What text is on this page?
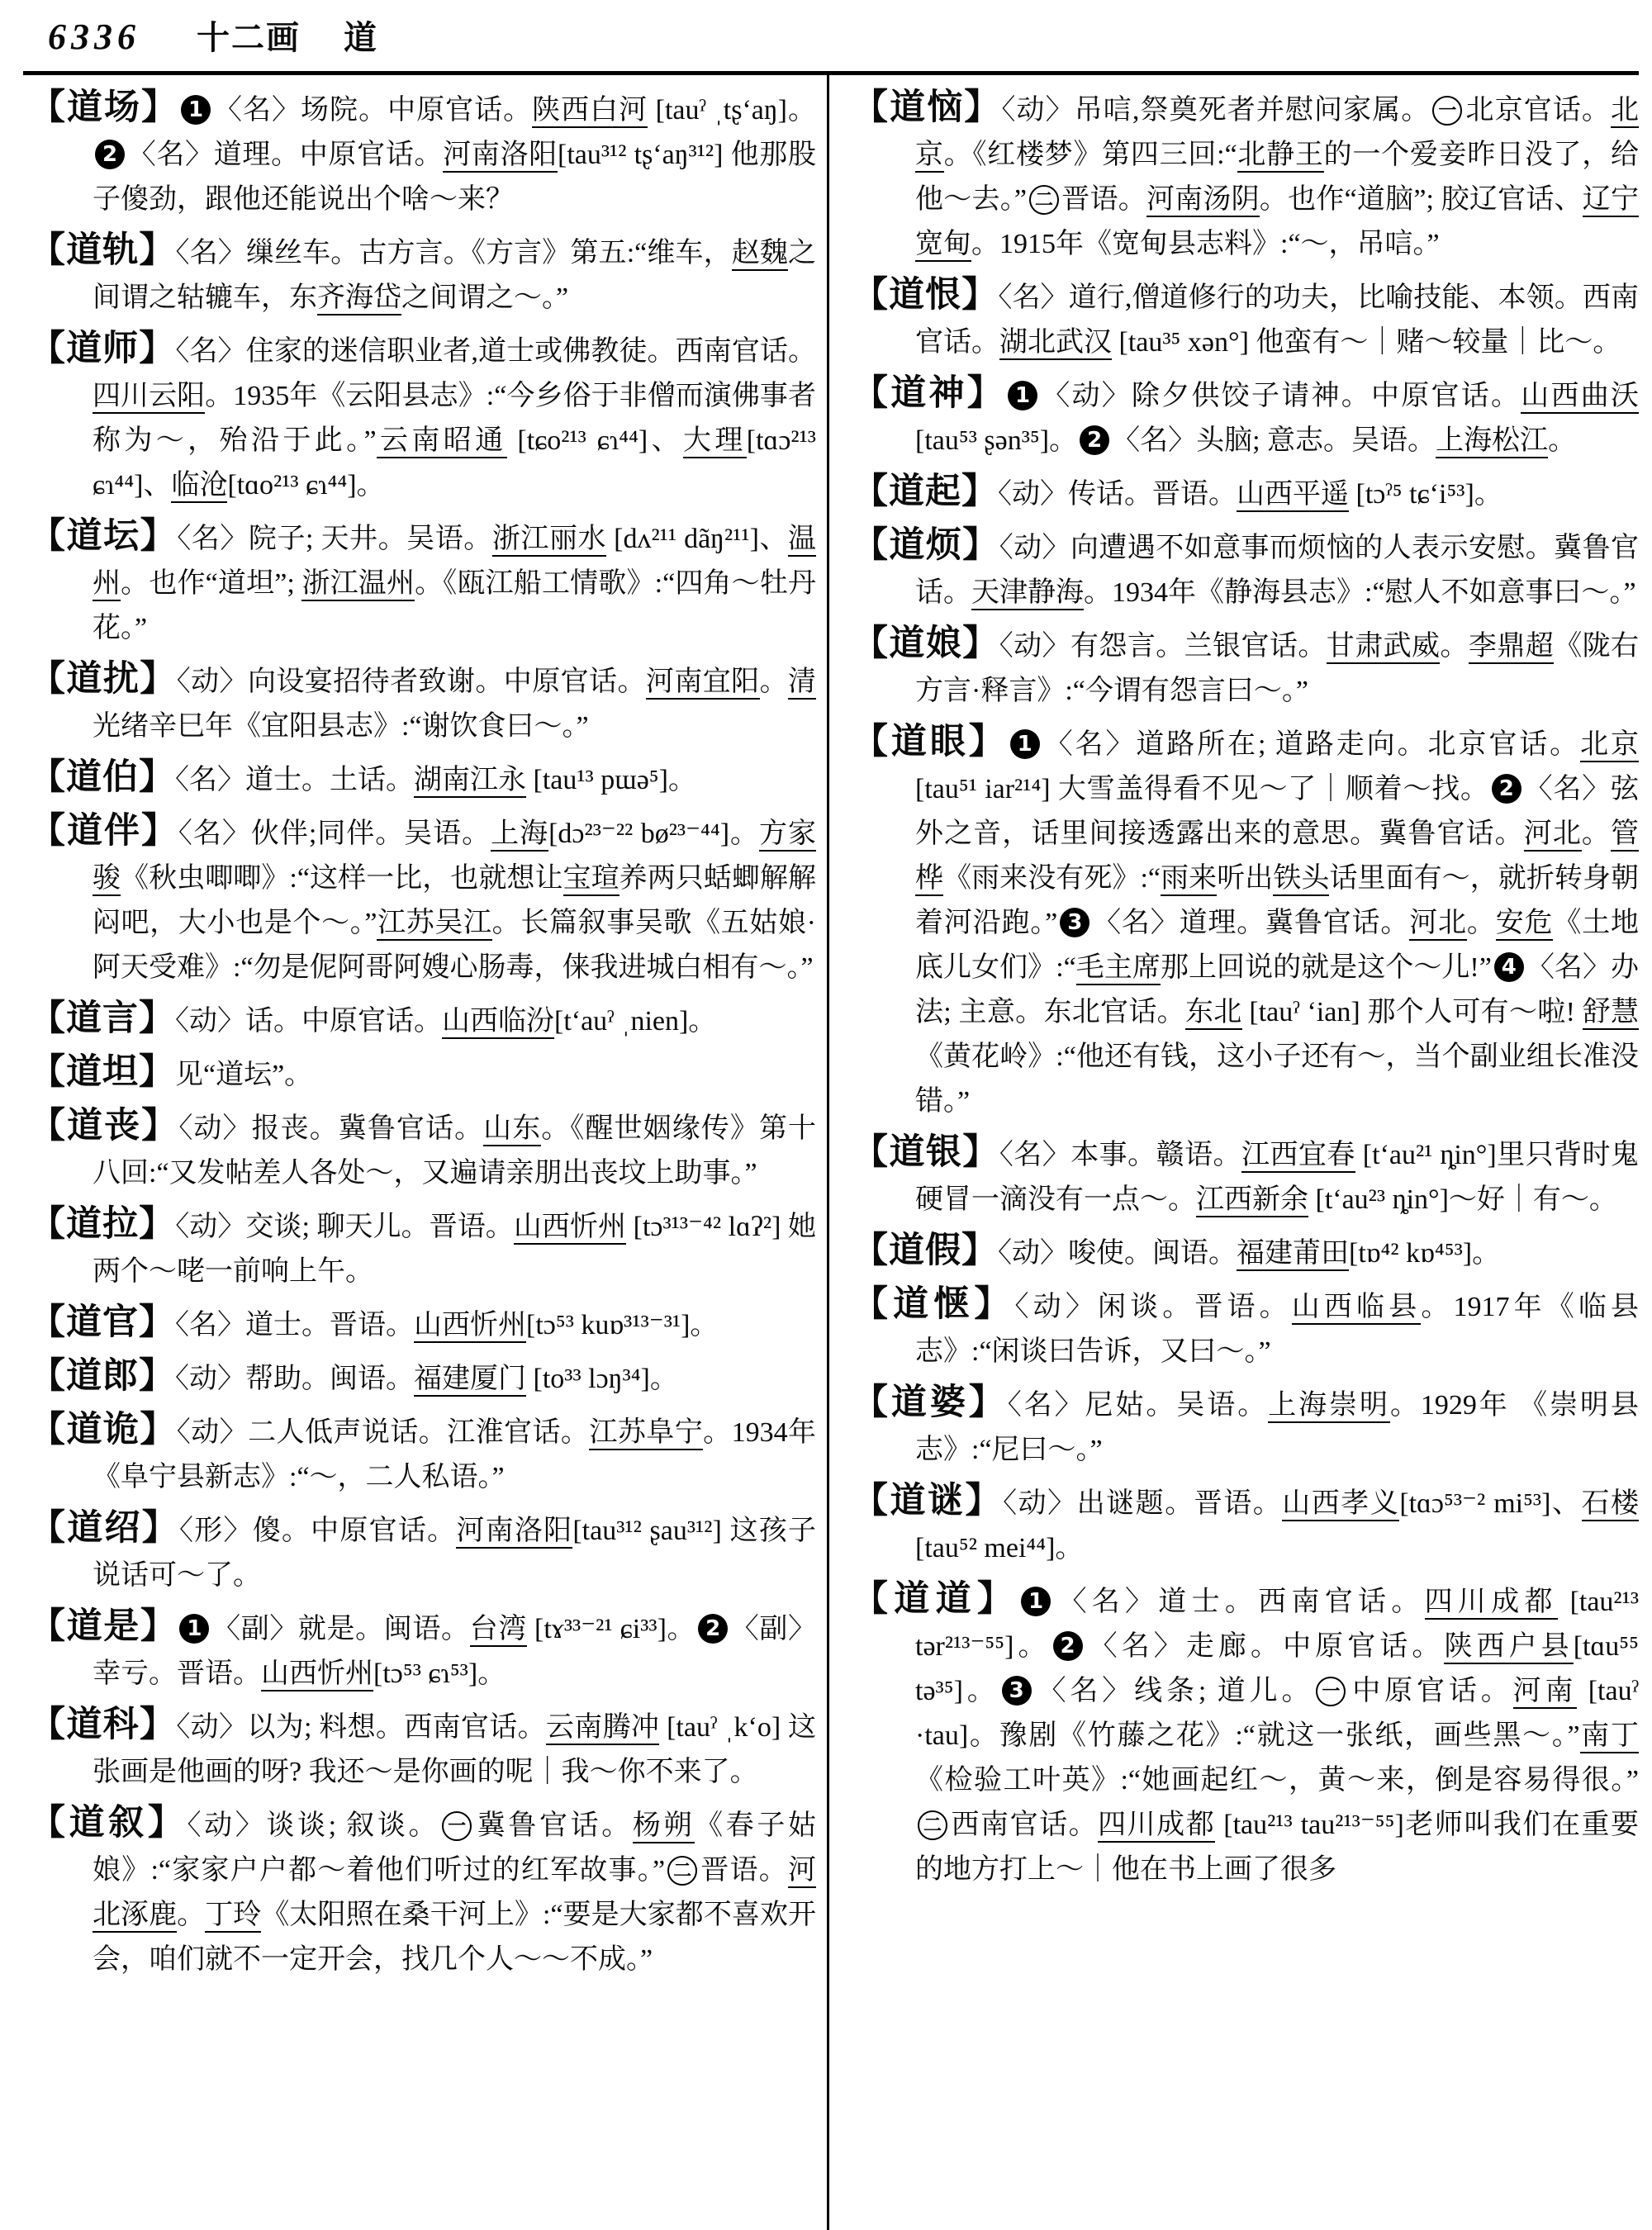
6336 十二画 道

【道场】 1 〈名〉场院。中原官话。陕西白河 [tauˀ ˌtʂʻaŋ]。2 〈名〉道理。中原官话。河南洛阳[tau³¹² tʂʻaŋ³¹²] 他那股子傻劲，跟他还能说出个啥～来？

【道轨】〈名〉缫丝车。古方言。《方言》第五:“维车，赵魏之间谓之轱辘车，东齐海岱之间谓之～。”

【道师】〈名〉住家的迷信职业者,道士或佛教徒。西南官话。四川云阳。1935年《云阳县志》:“今乡俗于非僧而演佛事者称为～，殆沿于此。”云南昭通 [tɕo²¹³ ɕɿ⁴⁴]、大理[tɑɔ²¹³ ɕɿ⁴⁴]、临沧[tɑo²¹³ ɕɿ⁴⁴]。

【道坛】〈名〉院子; 天井。吴语。浙江丽水 [dʌ²¹¹ dãŋ²¹¹]、温州。也作“道坦”; 浙江温州。《瓯江船工情歌》:“四角～牡丹花。”

【道扰】〈动〉向设宴招待者致谢。中原官话。河南宜阳。清光绪辛巳年《宜阳县志》:“谢饮食曰～。”

【道伯】〈名〉道士。土话。湖南江永 [tau¹³ pɯə⁵]。

【道伴】〈名〉伙伴;同伴。吴语。上海[dɔ²³⁻²² bø²³⁻⁴⁴]。方家骏《秋虫唧唧》:“这样一比，也就想让宝瑄养两只蛞蝍解解闷吧，大小也是个～。”江苏吴江。长篇叙事吴歌《五姑娘·阿天受难》:“勿是伲阿哥阿嫂心肠毒，俫我进城白相有～。”

【道言】〈动〉话。中原官话。山西临汾[tʻauˀ ˌnien]。

【道坦】见“道坛”。

【道丧】〈动〉报丧。冀鲁官话。山东。《醒世姻缘传》第十八回:“又发帖差人各处～，又遍请亲朋出丧坟上助事。”

【道拉】〈动〉交谈; 聊天儿。晋语。山西忻州 [tɔ³¹³⁻⁴² lɑʔ²] 她两个～咾一前响上午。

【道官】〈名〉道士。晋语。山西忻州[tɔ⁵³ kuɒ³¹³⁻³¹]。

【道郎】〈动〉帮助。闽语。福建厦门 [to³³ lɔŋ³⁴]。

【道诡】〈动〉二人低声说话。江淮官话。江苏阜宁。1934年《阜宁县新志》:“～，二人私语。”

【道绍】〈形〉傻。中原官话。河南洛阳[tau³¹² ʂau³¹²] 这孩子说话可～了。

【道是】 1 〈副〉就是。闽语。台湾 [tɤ³³⁻²¹ ɕi³³]。 2 〈副〉幸亏。晋语。山西忻州[tɔ⁵³ ɕɿ⁵³]。

【道科】〈动〉以为; 料想。西南官话。云南腾冲 [tauˀ ˌkʻo] 这张画是他画的呀? 我还～是你画的呢｜我～你不来了。

【道叙】〈动〉谈谈; 叙谈。 一 冀鲁官话。杨朔《春子姑娘》:“家家户户都～着他们听过的红军故事。” 二 晋语。河北涿鹿。丁玲《太阳照在桑干河上》:“要是大家都不喜欢开会，咱们就不一定开会，找几个人～～不成。”

【道恼】〈动〉吊唁,祭奠死者并慰问家属。 一 北京官话。北京。《红楼梦》第四三回:“北静王的一个爱妾昨日没了，给他～去。” 二 晋语。河南汤阴。也作“道脑”; 胶辽官话、辽宁宽甸。1915年《宽甸县志料》:“～，吊唁。”

【道恨】〈名〉道行,僧道修行的功夫，比喻技能、本领。西南官话。湖北武汉 [tau³⁵ xən°] 他蛮有～｜赌～较量｜比～。

【道神】 1 〈动〉除夕供饺子请神。中原官话。山西曲沃 [tau⁵³ ʂən³⁵]。 2 〈名〉头脑; 意志。吴语。上海松江。

【道起】〈动〉传话。晋语。山西平遥 [tɔˀ⁵ tɕʻi⁵³]。

【道烦】〈动〉向遭遇不如意事而烦恼的人表示安慰。冀鲁官话。天津静海。1934年《静海县志》:“慰人不如意事曰～。”

【道娘】〈动〉有怨言。兰银官话。甘肃武威。李鼎超《陇右方言·释言》:“今谓有怨言曰～。”

【道眼】 1 〈名〉道路所在; 道路走向。北京官话。北京 [tau⁵¹ iar²¹⁴] 大雪盖得看不见～了｜顺着～找。 2 〈名〉弦外之音，话里间接透露出来的意思。冀鲁官话。河北。管桦《雨来没有死》:“雨来听出铁头话里面有～，就折转身朝着河沿跑。” 3 〈名〉道理。冀鲁官话。河北。安危《土地底儿女们》:“毛主席那上回说的就是这个～儿!” 4 〈名〉办法; 主意。东北官话。东北 [tauˀ ʻian] 那个人可有～啦! 舒慧《黄花岭》:“他还有钱，这小子还有～，当个副业组长准没错。”

【道银】〈名〉本事。赣语。江西宜春 [tʻau²¹ ȵin°]里只背时鬼硬冒一滴没有一点～。江西新余 [tʻau²³ ȵin°]～好｜有～。

【道假】〈动〉唆使。闽语。福建莆田[tɒ⁴² kɒ⁴⁵³]。

【道惬】〈动〉闲谈。晋语。山西临县。1917年《临县志》:“闲谈曰告诉，又曰～。”

【道婆】〈名〉尼姑。吴语。上海崇明。1929年 《崇明县志》:“尼曰～。”

【道谜】〈动〉出谜题。晋语。山西孝义[tɑɔ⁵³⁻² mi⁵³]、石楼[tau⁵² mei⁴⁴]。

【道道】 1 〈名〉道士。西南官话。四川成都 [tau²¹³ tər²¹³⁻⁵⁵]。 2 〈名〉走廊。中原官话。陕西户县[tɑu⁵⁵ tə³⁵]。 3 〈名〉线条; 道儿。 一 中原官话。河南 [tauˀ ·tau]。豫剧《竹藤之花》:“就这一张纸，画些黑～。”南丁《检验工叶英》:“她画起红～，黄～来，倒是容易得很。”二 西南官话。四川成都 [tau²¹³ tau²¹³⁻⁵⁵]老师叫我们在重要的地方打上～｜他在书上画了很多
